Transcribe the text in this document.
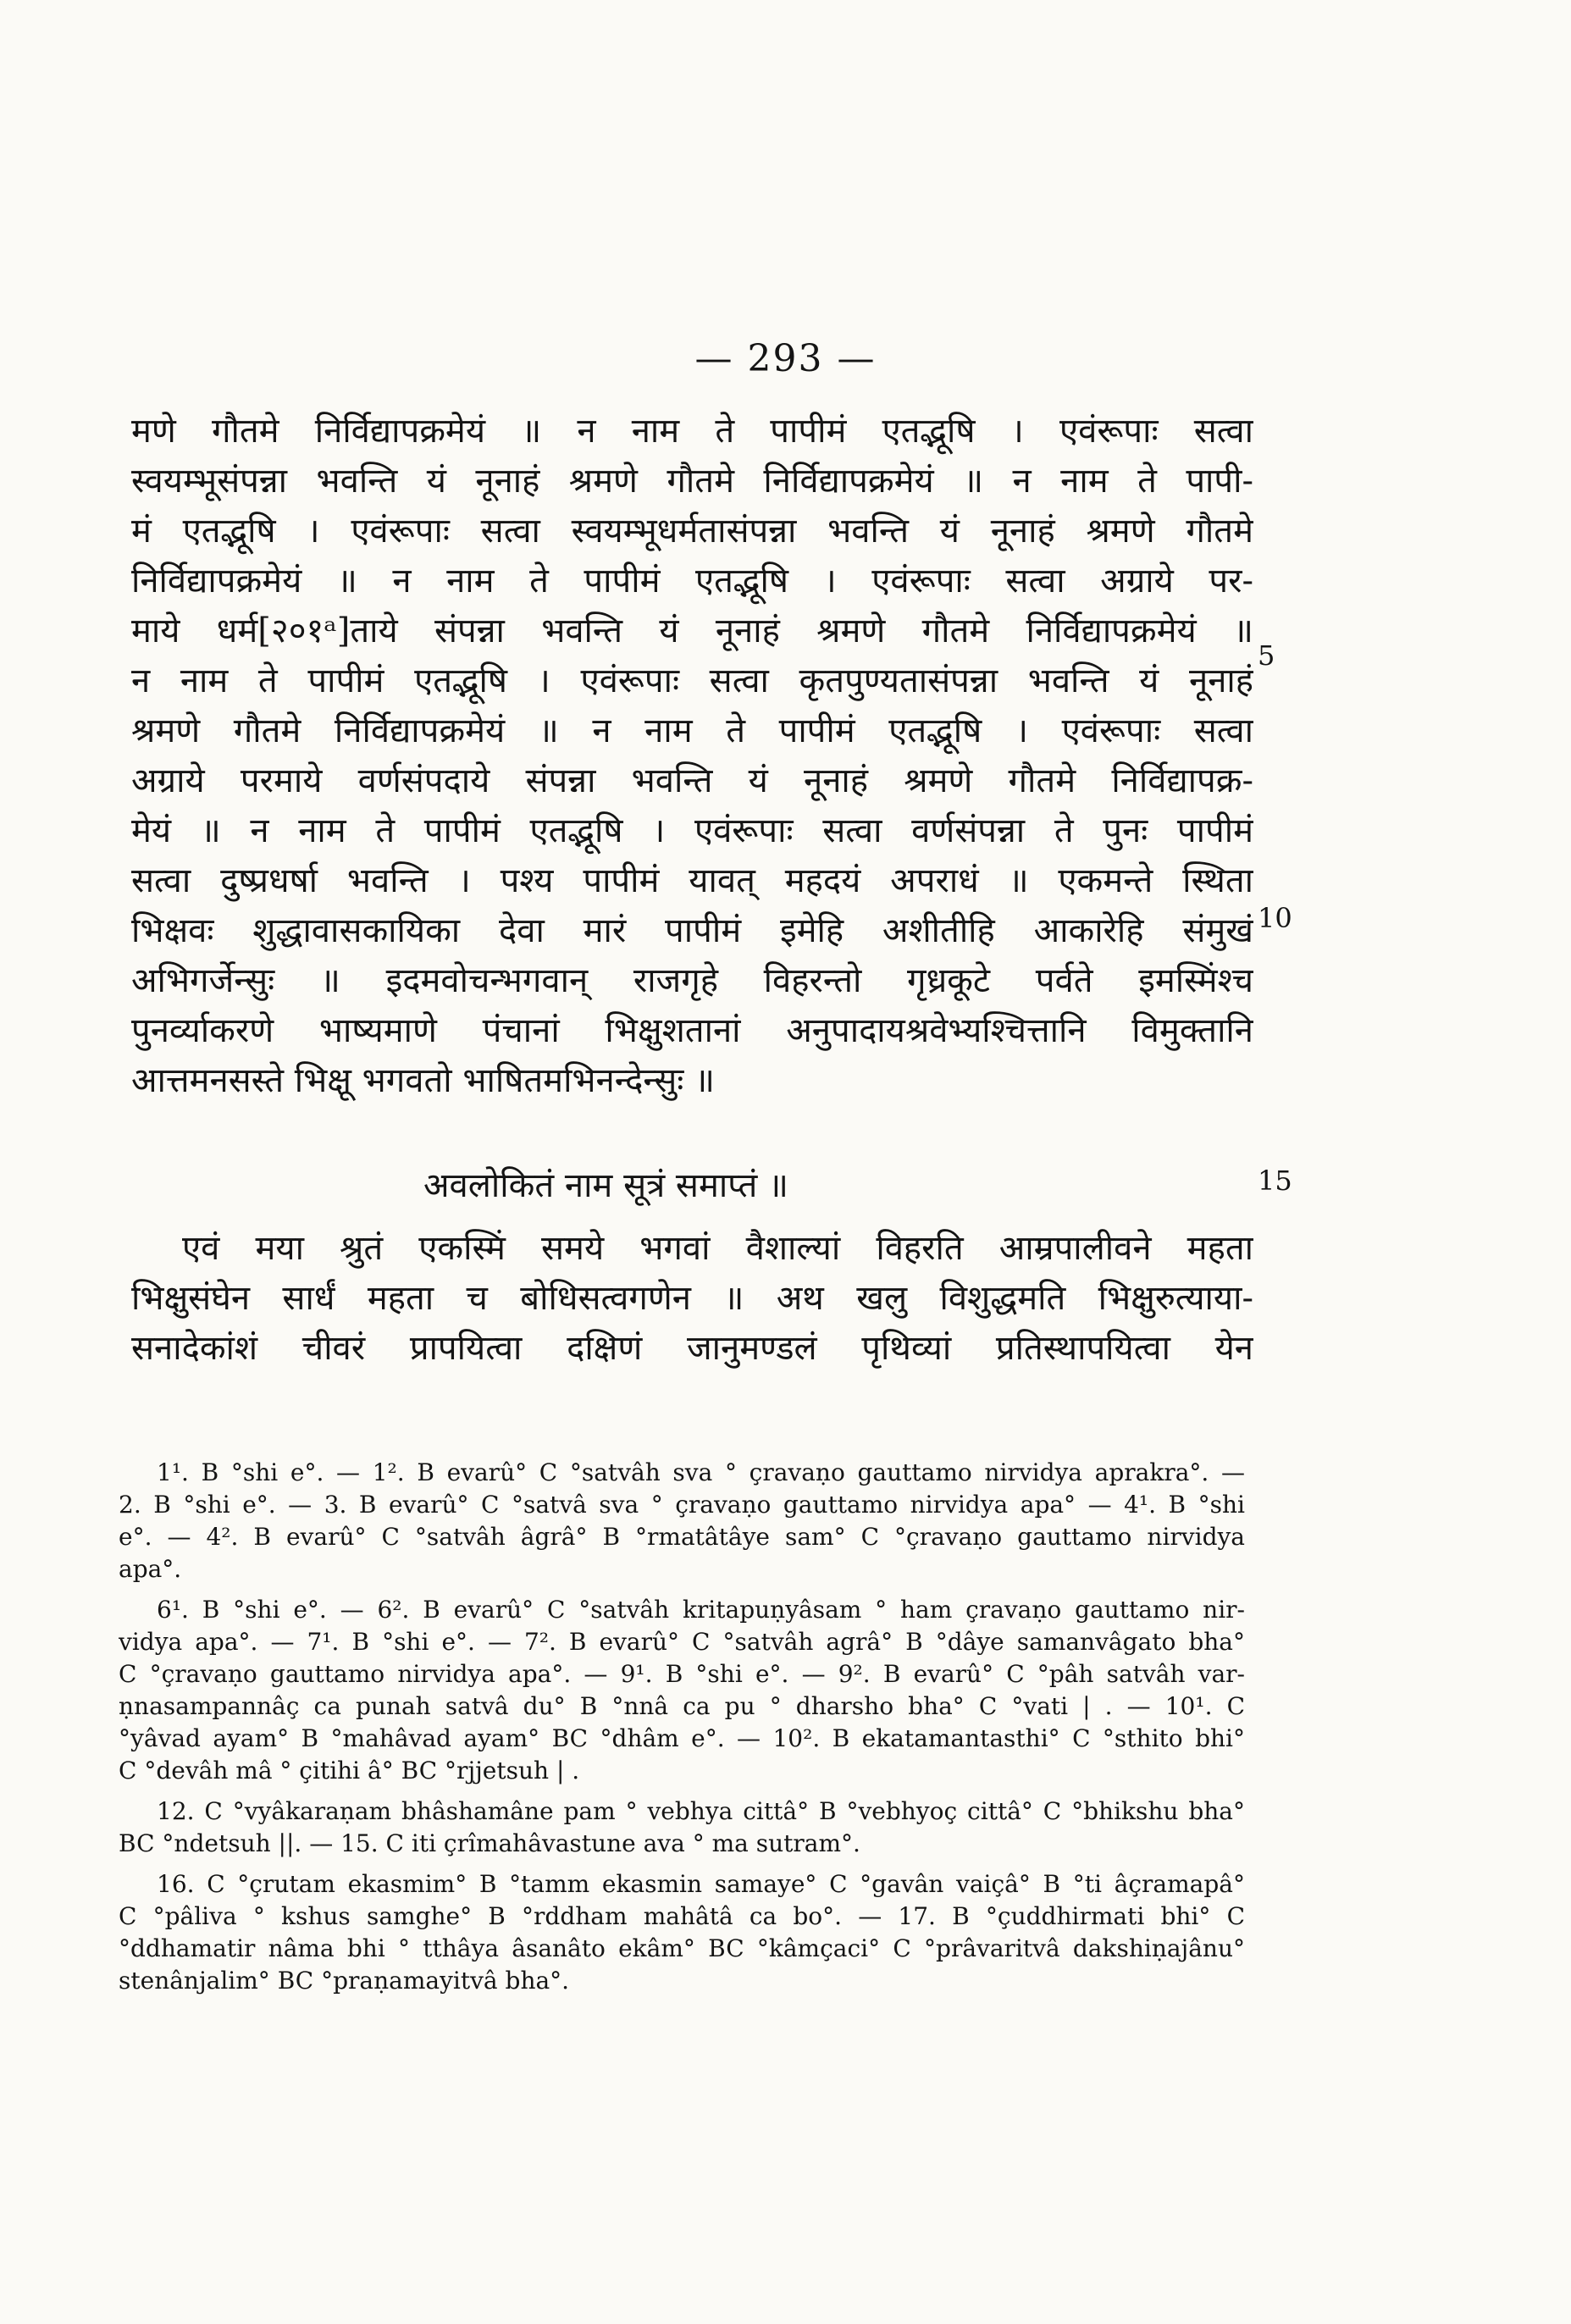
— 293 —
मणे गौतमे निर्विद्यापक्रमेयं ॥ न नाम ते पापीमं एतद्भूषि । एवंरूपाः सत्वा
स्वयम्भूसंपन्ना भवन्ति यं नूनाहं श्रमणे गौतमे निर्विद्यापक्रमेयं ॥ न नाम ते पापी-
मं एतद्भूषि । एवंरूपाः सत्वा स्वयम्भूधर्मतासंपन्ना भवन्ति यं नूनाहं श्रमणे गौतमे
निर्विद्यापक्रमेयं ॥ न नाम ते पापीमं एतद्भूषि । एवंरूपाः सत्वा अग्राये पर-
माये धर्म[२०१ᵃ]ताये संपन्ना भवन्ति यं नूनाहं श्रमणे गौतमे निर्विद्यापक्रमेयं ॥
न नाम ते पापीमं एतद्भूषि । एवंरूपाः सत्वा कृतपुण्यतासंपन्ना भवन्ति यं नूनाहं
श्रमणे गौतमे निर्विद्यापक्रमेयं ॥ न नाम ते पापीमं एतद्भूषि । एवंरूपाः सत्वा
अग्राये परमाये वर्णसंपदाये संपन्ना भवन्ति यं नूनाहं श्रमणे गौतमे निर्विद्यापक्र-
मेयं ॥ न नाम ते पापीमं एतद्भूषि । एवंरूपाः सत्वा वर्णसंपन्ना ते पुनः पापीमं
सत्वा दुष्प्रधर्षा भवन्ति । पश्य पापीमं यावत् महदयं अपराधं ॥ एकमन्ते स्थिता
भिक्षवः शुद्धावासकायिका देवा मारं पापीमं इमेहि अशीतीहि आकारेहि संमुखं
अभिगर्जेन्सुः ॥ इदमवोचन्भगवान् राजगृहे विहरन्तो गृध्रकूटे पर्वते इमस्मिंश्च
पुनर्व्याकरणे भाष्यमाणे पंचानां भिक्षुशतानां अनुपादायश्रवेभ्यश्चित्तानि विमुक्तानि
आत्तमनसस्ते भिक्षू भगवतो भाषितमभिनन्देन्सुः ॥
अवलोकितं नाम सूत्रं समाप्तं ॥
एवं मया श्रुतं एकस्मिं समये भगवां वैशाल्यां विहरति आम्रपालीवने महता
भिक्षुसंघेन सार्धं महता च बोधिसत्वगणेन ॥ अथ खलु विशुद्धमति भिक्षुरुत्याया-
सनादेकांशं चीवरं प्रापयित्वा दक्षिणं जानुमण्डलं पृथिव्यां प्रतिस्थापयित्वा येन
5
10
15
1¹. B °shi e°. — 1². B evarû° C °satvâh sva ° çravaṇo gauttamo nirvidya aprakra°. —
2. B °shi e°. — 3. B evarû° C °satvâ sva ° çravaṇo gauttamo nirvidya apa° — 4¹. B °shi
e°. — 4². B evarû° C °satvâh âgrâ° B °rmatâtâye sam° C °çravaṇo gauttamo nirvidya
apa°.
6¹. B °shi e°. — 6². B evarû° C °satvâh kritapuṇyâsam ° ham çravaṇo gauttamo nir-
vidya apa°. — 7¹. B °shi e°. — 7². B evarû° C °satvâh agrâ° B °dâye samanvâgato bha°
C °çravaṇo gauttamo nirvidya apa°. — 9¹. B °shi e°. — 9². B evarû° C °pâh satvâh var-
ṇnasampannâç ca punah satvâ du° B °nnâ ca pu ° dharsho bha° C °vati | . — 10¹. C
°yâvad ayam° B °mahâvad ayam° BC °dhâm e°. — 10². B ekatamantasthi° C °sthito bhi°
C °devâh mâ ° çitihi â° BC °rjjetsuh | .
12. C °vyâkaraṇam bhâshamâne pam ° vebhya cittâ° B °vebhyoç cittâ° C °bhikshu bha°
BC °ndetsuh ||. — 15. C iti çrîmahâvastune ava ° ma sutram°.
16. C °çrutam ekasmim° B °tamm ekasmin samaye° C °gavân vaiçâ° B °ti âçramapâ°
C °pâliva ° kshus samghe° B °rddham mahâtâ ca bo°. — 17. B °çuddhirmati bhi° C
°ddhamatir nâma bhi ° tthâya âsanâto ekâm° BC °kâmçaci° C °prâvaritvâ dakshiṇajânu°
stenânjalim° BC °praṇamayitvâ bha°.
